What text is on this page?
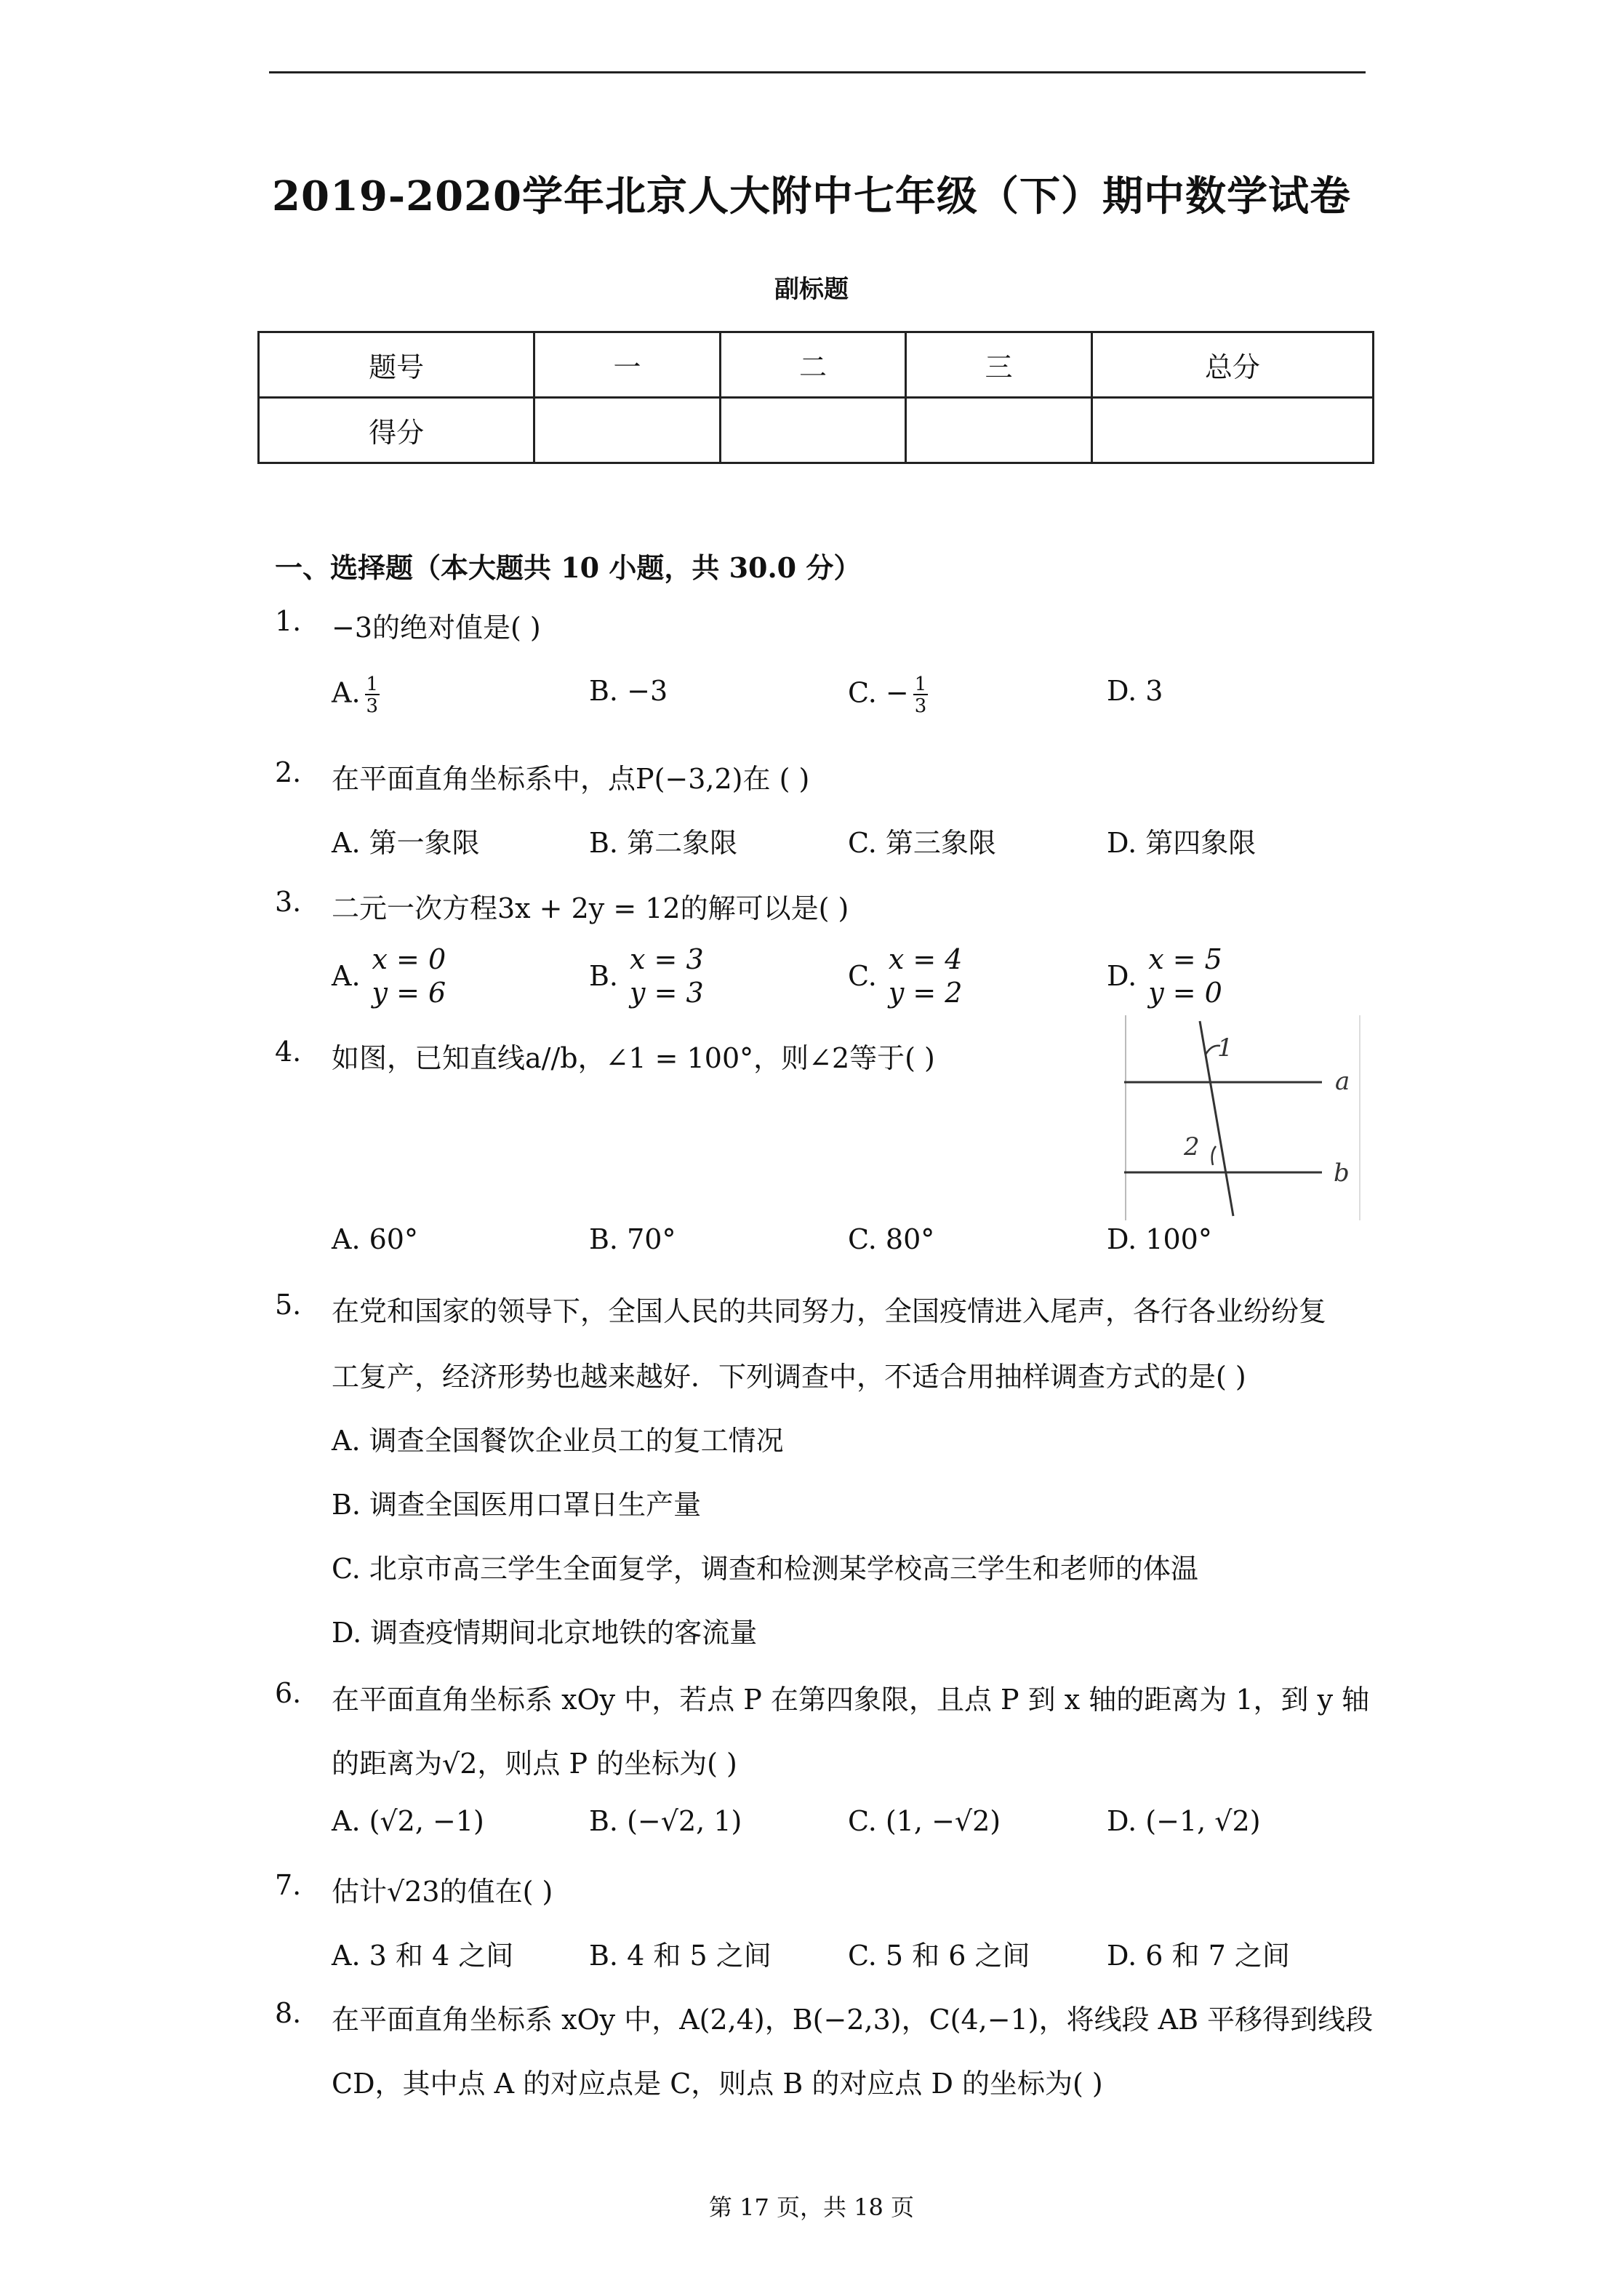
2019-2020学年北京人大附中七年级（下）期中数学试卷
副标题
题号	一	二	三	总分
得分				
一、选择题（本大题共 10 小题，共 30.0 分）
1. −3的绝对值是( )
A. $\frac{1}{3}$	B. −3	C. − $\frac{1}{3}$	D. 3
2. 在平面直角坐标系中，点P(−3,2)在 ( )
A. 第一象限	B. 第二象限	C. 第三象限	D. 第四象限
3. 二元一次方程3x + 2y = 12的解可以是( )
A.x = 0
y = 6
B.x = 3
y = 3
C.x = 4
y = 2
D.x = 5
y = 0
4. 如图，已知直线a//b，∠1 = 100°，则∠2等于( )	1
2
a
b
A. 60°	B. 70°	C. 80°	D. 100°
5. 在党和国家的领导下，全国人民的共同努力，全国疫情进入尾声，各行各业纷纷复
工复产，经济形势也越来越好．下列调查中，不适合用抽样调查方式的是( )
A. 调查全国餐饮企业员工的复工情况
B. 调查全国医用口罩日生产量
C. 北京市高三学生全面复学，调查和检测某学校高三学生和老师的体温
D. 调查疫情期间北京地铁的客流量
6. 在平面直角坐标系 xOy 中，若点 P 在第四象限，且点 P 到 x 轴的距离为 1，到 y 轴
的距离为√2，则点 P 的坐标为( )
A. (√2, −1)	B. (−√2, 1)	C. (1, −√2)	D. (−1, √2)
7. 估计√23的值在( )
A. 3 和 4 之间	B. 4 和 5 之间	C. 5 和 6 之间	D. 6 和 7 之间
8. 在平面直角坐标系 xOy 中，A(2,4)，B(−2,3)，C(4,−1)，将线段 AB 平移得到线段
CD，其中点 A 的对应点是 C，则点 B 的对应点 D 的坐标为( )
第 17 页，共 18 页
